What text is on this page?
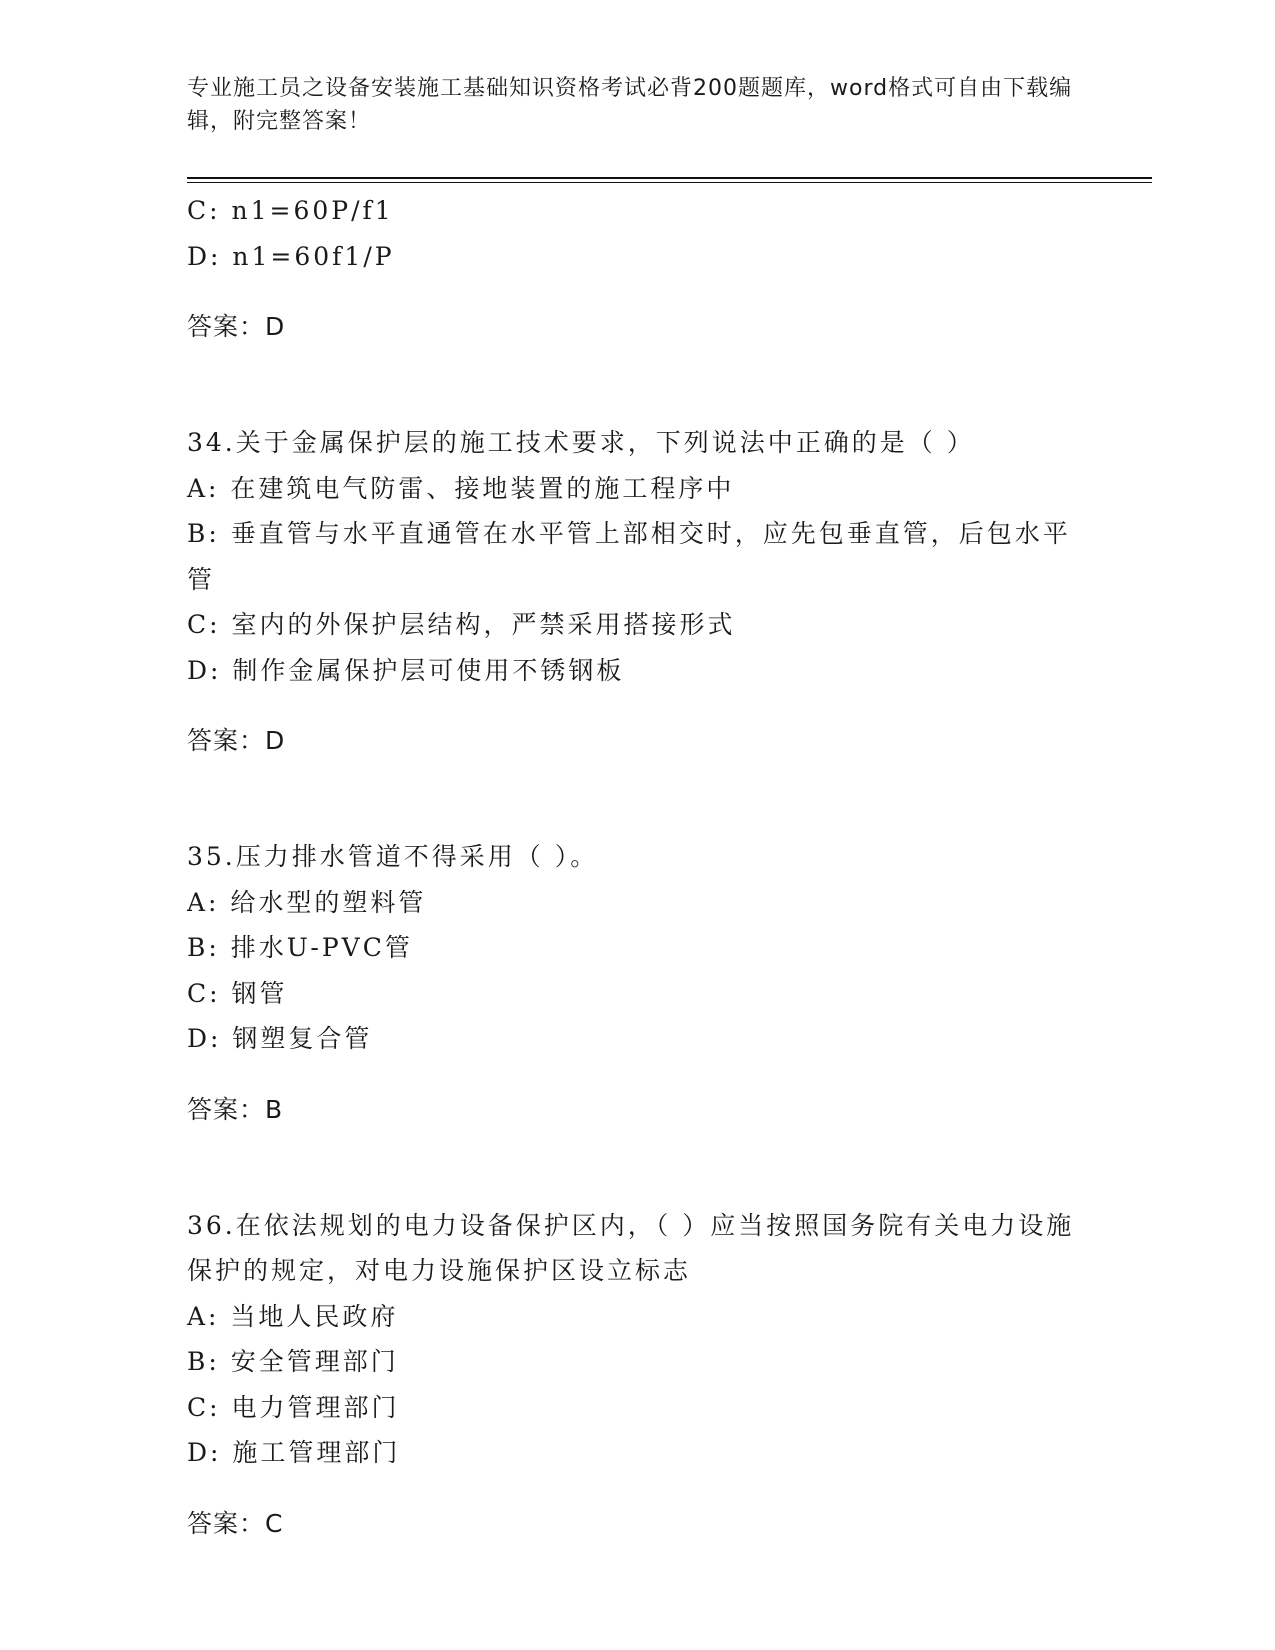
专业施工员之设备安装施工基础知识资格考试必背200题题库，word格式可自由下载编辑，附完整答案！

C: n1=60P/f1

D: n1=60f1/P

答案：D

34.关于金属保护层的施工技术要求，下列说法中正确的是（ ）

A: 在建筑电气防雷、接地装置的施工程序中

B: 垂直管与水平直通管在水平管上部相交时，应先包垂直管，后包水平管

C: 室内的外保护层结构，严禁采用搭接形式

D: 制作金属保护层可使用不锈钢板

答案：D

35.压力排水管道不得采用（ ）。

A: 给水型的塑料管

B: 排水U-PVC管

C: 钢管

D: 钢塑复合管

答案：B

36.在依法规划的电力设备保护区内，（ ）应当按照国务院有关电力设施保护的规定，对电力设施保护区设立标志

A: 当地人民政府

B: 安全管理部门

C: 电力管理部门

D: 施工管理部门

答案：C
